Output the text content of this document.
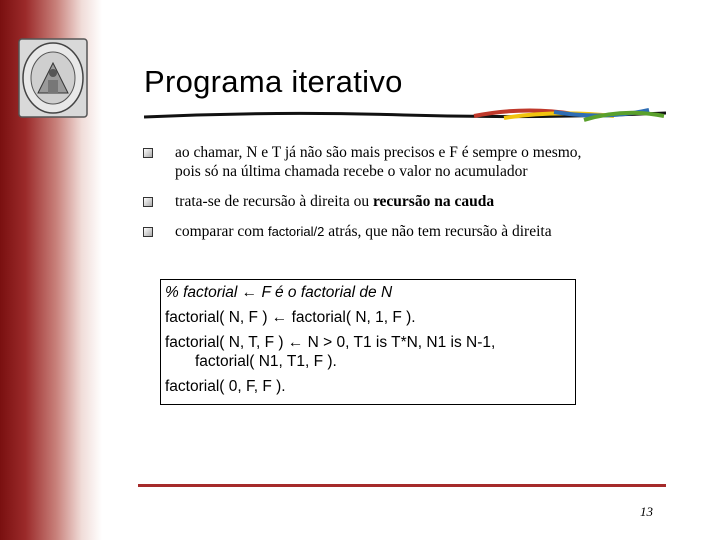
Programa iterativo
ao chamar, N e T já não são mais precisos e F é sempre o mesmo,
pois só na última chamada recebe o valor no acumulador
trata-se de recursão à direita ou recursão na cauda
comparar com factorial/2 atrás, que não tem recursão à direita
% factorial ← F é o factorial de N
factorial( N, F ) ← factorial( N, 1, F ).
factorial( N, T, F ) ← N > 0, T1 is T*N, N1 is N-1,
factorial( N1, T1, F ).
factorial( 0, F, F ).
13
